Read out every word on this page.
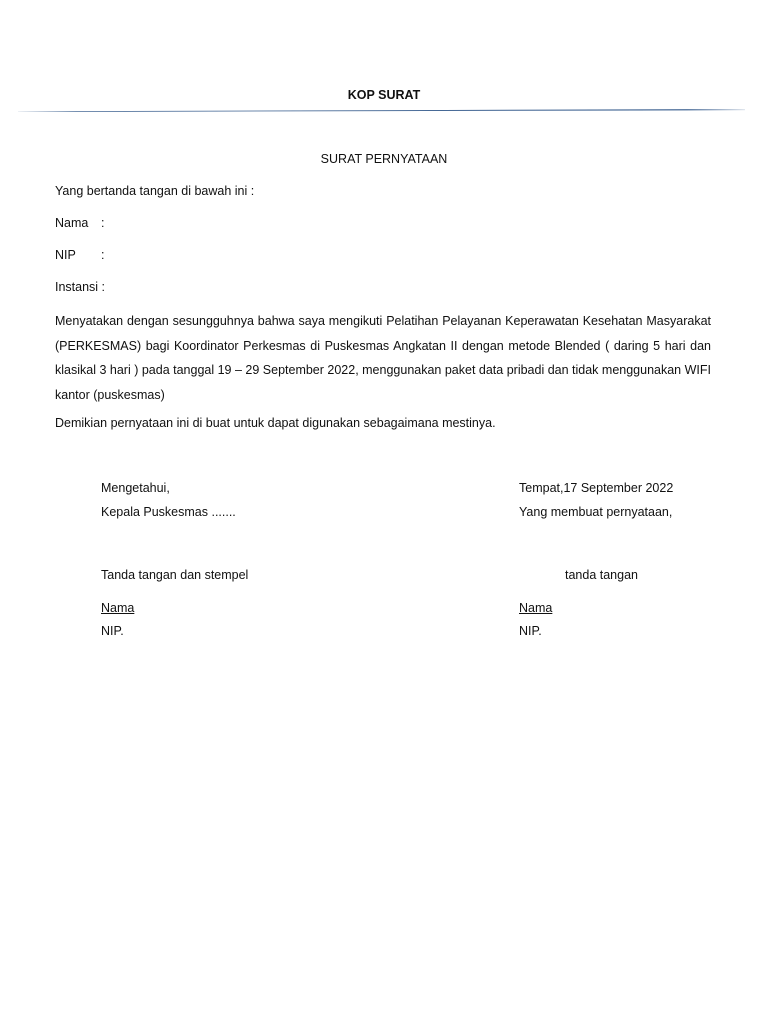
KOP SURAT
SURAT PERNYATAAN
Yang bertanda tangan di bawah ini :
Nama :
NIP :
Instansi :
Menyatakan dengan sesungguhnya bahwa saya mengikuti Pelatihan Pelayanan Keperawatan Kesehatan Masyarakat (PERKESMAS) bagi Koordinator Perkesmas di Puskesmas Angkatan II dengan metode Blended ( daring 5 hari dan klasikal 3 hari ) pada tanggal 19 – 29 September 2022, menggunakan paket data pribadi dan tidak menggunakan WIFI kantor (puskesmas)
Demikian pernyataan ini di buat untuk dapat digunakan sebagaimana mestinya.
Mengetahui,
Kepala Puskesmas .......
Tanda tangan dan stempel
Nama
NIP.
Tempat,17 September 2022
Yang membuat pernyataan,
tanda tangan
Nama
NIP.
